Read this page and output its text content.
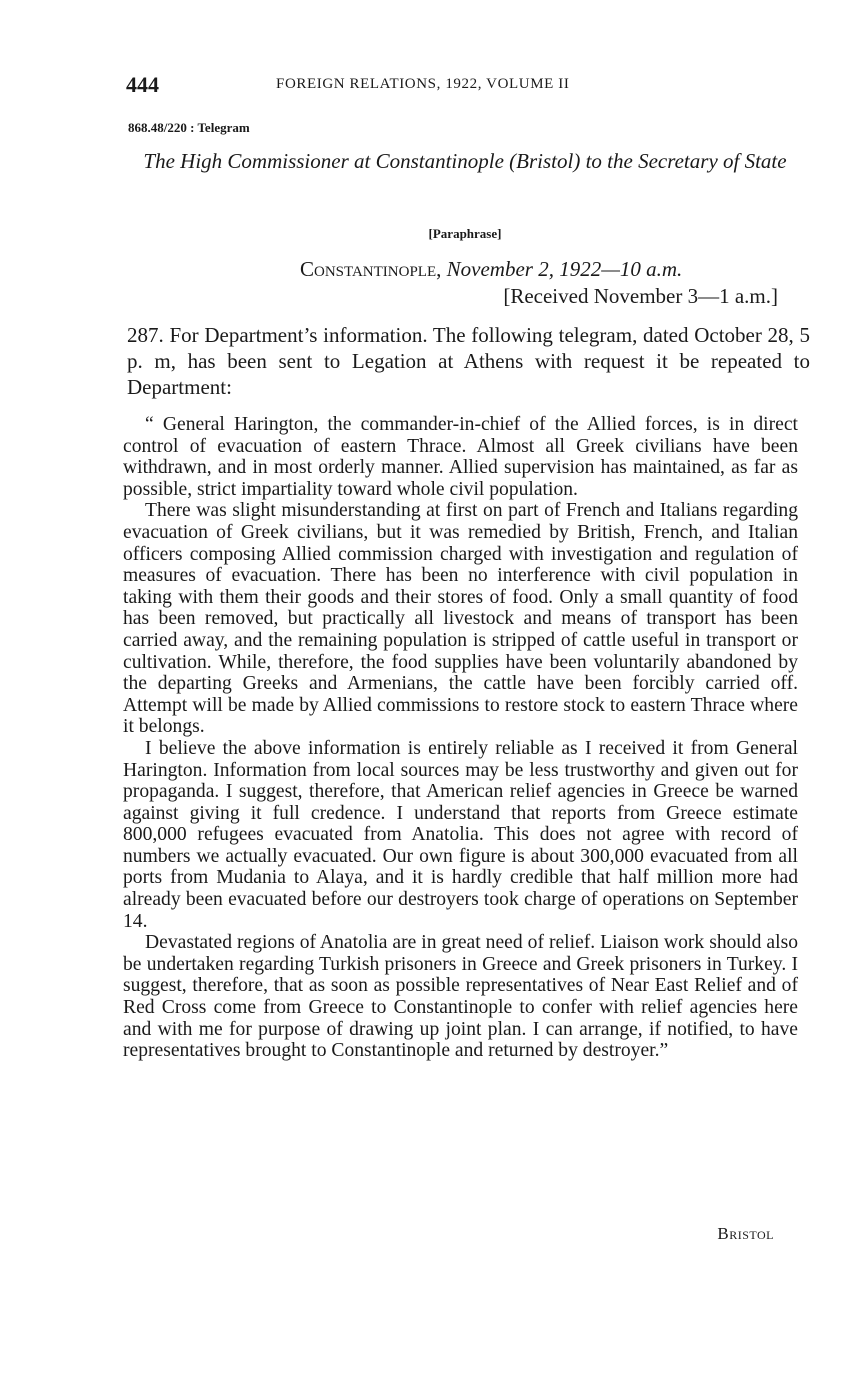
444	FOREIGN RELATIONS, 1922, VOLUME II
868.48/220 : Telegram
The High Commissioner at Constantinople (Bristol) to the Secretary of State
[Paraphrase]
Constantinople, November 2, 1922—10 a.m.
[Received November 3—1 a.m.]
287. For Department’s information. The following telegram, dated October 28, 5 p. m, has been sent to Legation at Athens with request it be repeated to Department:

“ General Harington, the commander-in-chief of the Allied forces, is in direct control of evacuation of eastern Thrace. Almost all Greek civilians have been withdrawn, and in most orderly manner. Allied supervision has maintained, as far as possible, strict impartiality toward whole civil population.

There was slight misunderstanding at first on part of French and Italians regarding evacuation of Greek civilians, but it was remedied by British, French, and Italian officers composing Allied commission charged with investigation and regulation of measures of evacuation. There has been no interference with civil population in taking with them their goods and their stores of food. Only a small quantity of food has been removed, but practically all livestock and means of transport has been carried away, and the remaining population is stripped of cattle useful in transport or cultivation. While, therefore, the food supplies have been voluntarily abandoned by the departing Greeks and Armenians, the cattle have been forcibly carried off. Attempt will be made by Allied commissions to restore stock to eastern Thrace where it belongs.

I believe the above information is entirely reliable as I received it from General Harington. Information from local sources may be less trustworthy and given out for propaganda. I suggest, therefore, that American relief agencies in Greece be warned against giving it full credence. I understand that reports from Greece estimate 800,000 refugees evacuated from Anatolia. This does not agree with record of numbers we actually evacuated. Our own figure is about 300,000 evacuated from all ports from Mudania to Alaya, and it is hardly credible that half million more had already been evacuated before our destroyers took charge of operations on September 14.

Devastated regions of Anatolia are in great need of relief. Liaison work should also be undertaken regarding Turkish prisoners in Greece and Greek prisoners in Turkey. I suggest, therefore, that as soon as possible representatives of Near East Relief and of Red Cross come from Greece to Constantinople to confer with relief agencies here and with me for purpose of drawing up joint plan. I can arrange, if notified, to have representatives brought to Constantinople and returned by destroyer.”

Bristol
